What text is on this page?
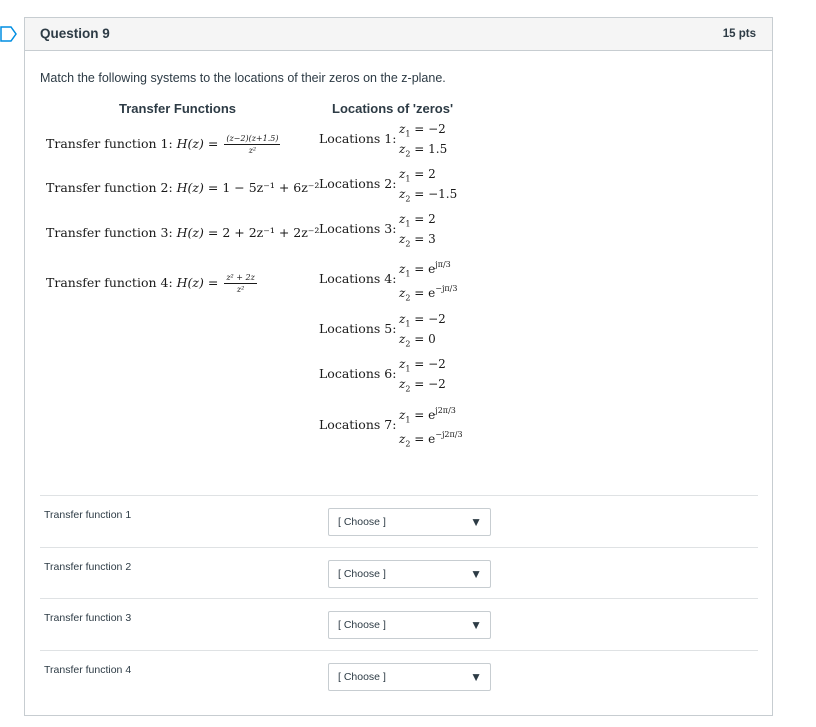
Question 9	15 pts
Match the following systems to the locations of their zeros on the z-plane.
Transfer Functions	Locations of 'zeros'
Transfer function 1: $H(z) = \frac{(z-2)(z+1.5)}{\text{z²}}$
Transfer function 2: H(z) = 1 − 5z⁻¹ + 6z⁻²
Transfer function 3: H(z) = 2 + 2z⁻¹ + 2z⁻²
Transfer function 4: $H(z) = \frac{\text{z² + 2z}}{\text{z²}}$
Locations 1:
$z_1 = -2$
$z_2 = 1.5$
Locations 2:
$z_1 = 2$
$z_2 = -1.5$
Locations 3:
$z_1 = 2$
$z_2 = 3$
Locations 4:
$z_1 = e^{j\pi/3}$
$z_2 = e^{-j\pi/3}$
Locations 5:
$z_1 = -2$
$z_2 = 0$
Locations 6:
$z_1 = -2$
$z_2 = -2$
Locations 7:
$z_1 = e^{j2\pi/3}$
$z_2 = e^{-j2\pi/3}$
Transfer function 1
[ Choose ]	▼
Transfer function 2
[ Choose ]	▼
Transfer function 3
[ Choose ]	▼
Transfer function 4
[ Choose ]	▼
